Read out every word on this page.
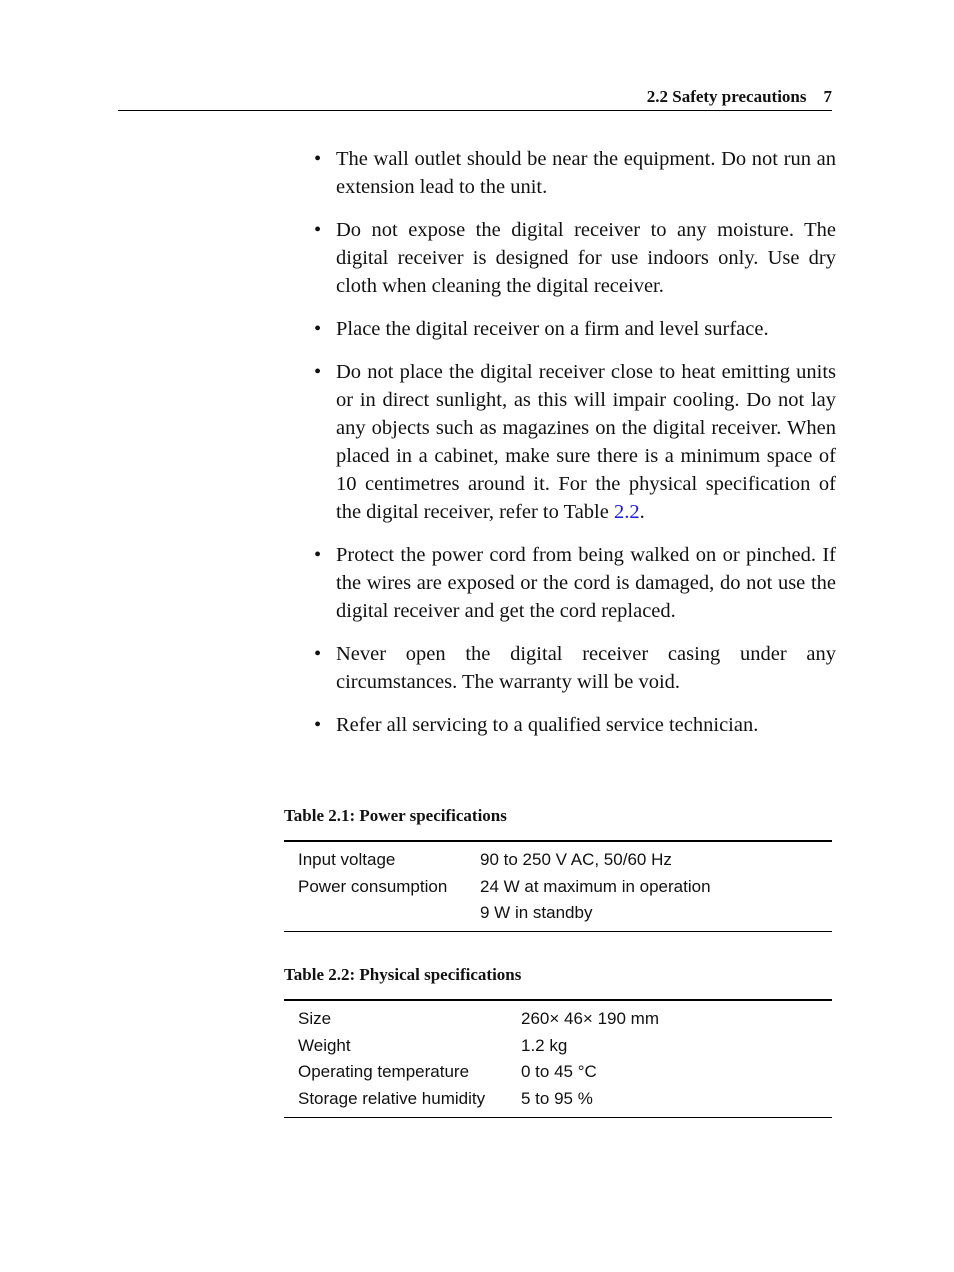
2.2 Safety precautions 7
• The wall outlet should be near the equipment. Do not run an extension lead to the unit.
• Do not expose the digital receiver to any moisture. The digital receiver is designed for use indoors only. Use dry cloth when cleaning the digital receiver.
• Place the digital receiver on a firm and level surface.
• Do not place the digital receiver close to heat emitting units or in direct sunlight, as this will impair cooling. Do not lay any objects such as magazines on the digital receiver. When placed in a cabinet, make sure there is a minimum space of 10 centimetres around it. For the physical specification of the digital receiver, refer to Table 2.2.
• Protect the power cord from being walked on or pinched. If the wires are exposed or the cord is damaged, do not use the digital receiver and get the cord replaced.
• Never open the digital receiver casing under any circumstances. The warranty will be void.
• Refer all servicing to a qualified service technician.
Table 2.1: Power specifications
Input voltage	90 to 250 V AC, 50/60 Hz
Power consumption	24 W at maximum in operation
9 W in standby
Table 2.2: Physical specifications
Size	260× 46× 190 mm
Weight	1.2 kg
Operating temperature	0 to 45 °C
Storage relative humidity	5 to 95 %
